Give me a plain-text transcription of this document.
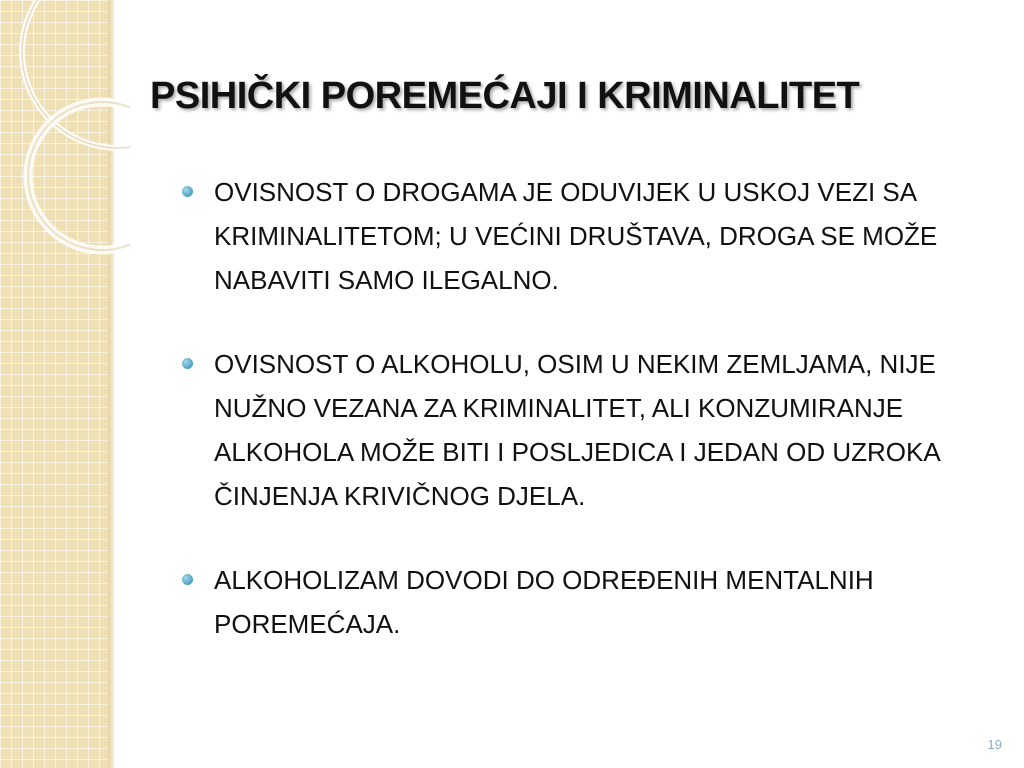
PSIHIČKI POREMEĆAJI I KRIMINALITET
OVISNOST O DROGAMA JE ODUVIJEK U USKOJ VEZI SA KRIMINALITETOM; U VEĆINI DRUŠTAVA, DROGA SE MOŽE NABAVITI SAMO ILEGALNO.
OVISNOST O ALKOHOLU, OSIM U NEKIM ZEMLJAMA, NIJE NUŽNO VEZANA ZA KRIMINALITET, ALI KONZUMIRANJE ALKOHOLA MOŽE BITI I POSLJEDICA I JEDAN OD UZROKA ČINJENJA KRIVIČNOG DJELA.
ALKOHOLIZAM DOVODI DO ODREĐENIH MENTALNIH POREMEĆAJA.
19
